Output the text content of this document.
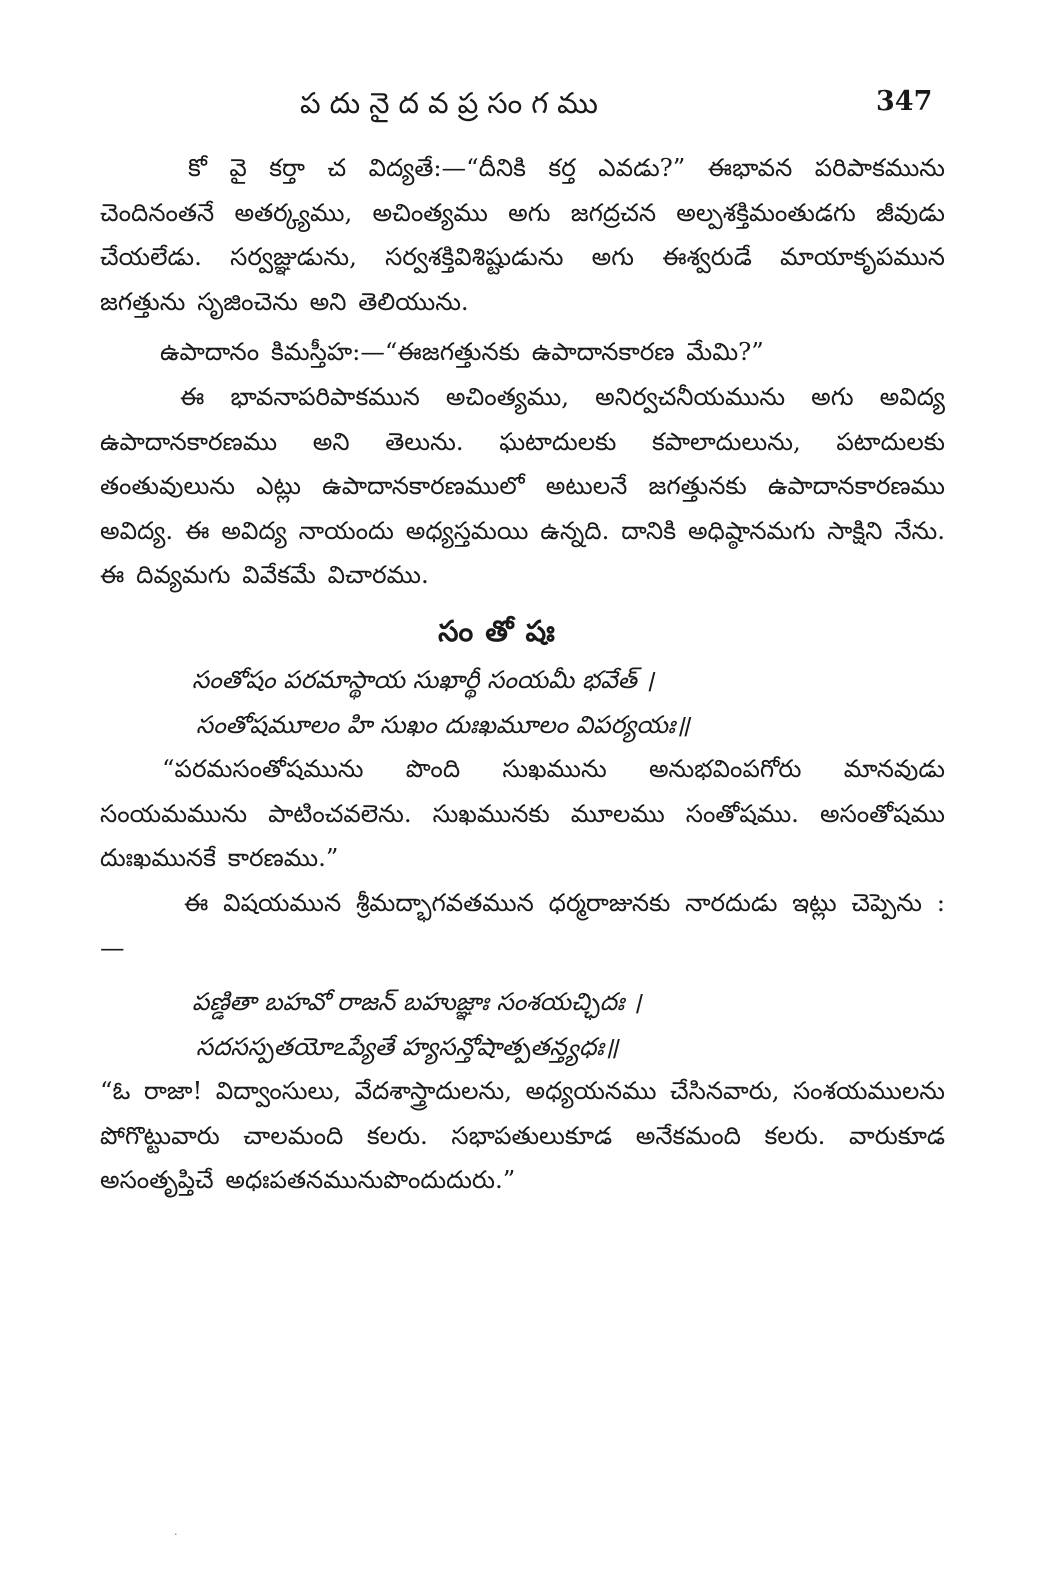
పదునైదవప్రసంగము	347

కో వై కర్తా చ విద్యతే:—“దీనికి కర్త ఎవడు?” ఈభావన పరిపాకమును చెందినంతనే అతర్క్యము, అచింత్యము అగు జగద్రచన అల్పశక్తిమంతుడగు జీవుడు చేయలేడు. సర్వజ్ఞుడును, సర్వశక్తివిశిష్టుడును అగు ఈశ్వరుడే మాయాకృపమున జగత్తును సృజించెను అని తెలియును.

ఉపాదానం కిమస్తీహ:—“ఈజగత్తునకు ఉపాదానకారణ మేమి?”

ఈ భావనాపరిపాకమున అచింత్యము, అనిర్వచనీయమును అగు అవిద్య ఉపాదానకారణము అని తెలును. ఘటాదులకు కపాలాదులును, పటాదులకు తంతువులును ఎట్లు ఉపాదానకారణములో అటులనే జగత్తునకు ఉపాదానకారణము అవిద్య. ఈ అవిద్య నాయందు అధ్యస్తమయి ఉన్నది. దానికి అధిష్ఠానమగు సాక్షిని నేను. ఈ దివ్యమగు వివేకమే విచారము.

సంతోషః

సంతోషం పరమాస్థాయ సుఖార్థీ సంయమీ భవేత్ ।

సంతోషమూలం హి సుఖం దుఃఖమూలం విపర్యయః॥

“పరమసంతోషమును పొంది సుఖమును అనుభవింపగోరు మానవుడు సంయమమును పాటించవలెను. సుఖమునకు మూలము సంతోషము. అసంతోషము దుఃఖమునకే కారణము.”

ఈ విషయమున శ్రీమద్భాగవతమున ధర్మరాజునకు నారదుడు ఇట్లు చెప్పెను :—

పణ్డితా బహవో రాజన్ బహుజ్ఞాః సంశయచ్ఛిదః ।

సదసస్పతయోఽప్యేతే హ్యసన్తోషాత్పతన్త్యధః॥

“ఓ రాజా! విద్వాంసులు, వేదశాస్త్రాదులను, అధ్యయనము చేసినవారు, సంశయములను పోగొట్టువారు చాలమంది కలరు. సభాపతులుకూడ అనేకమంది కలరు. వారుకూడ అసంతృప్తిచే అధఃపతనమునుపొందుదురు.”

·
